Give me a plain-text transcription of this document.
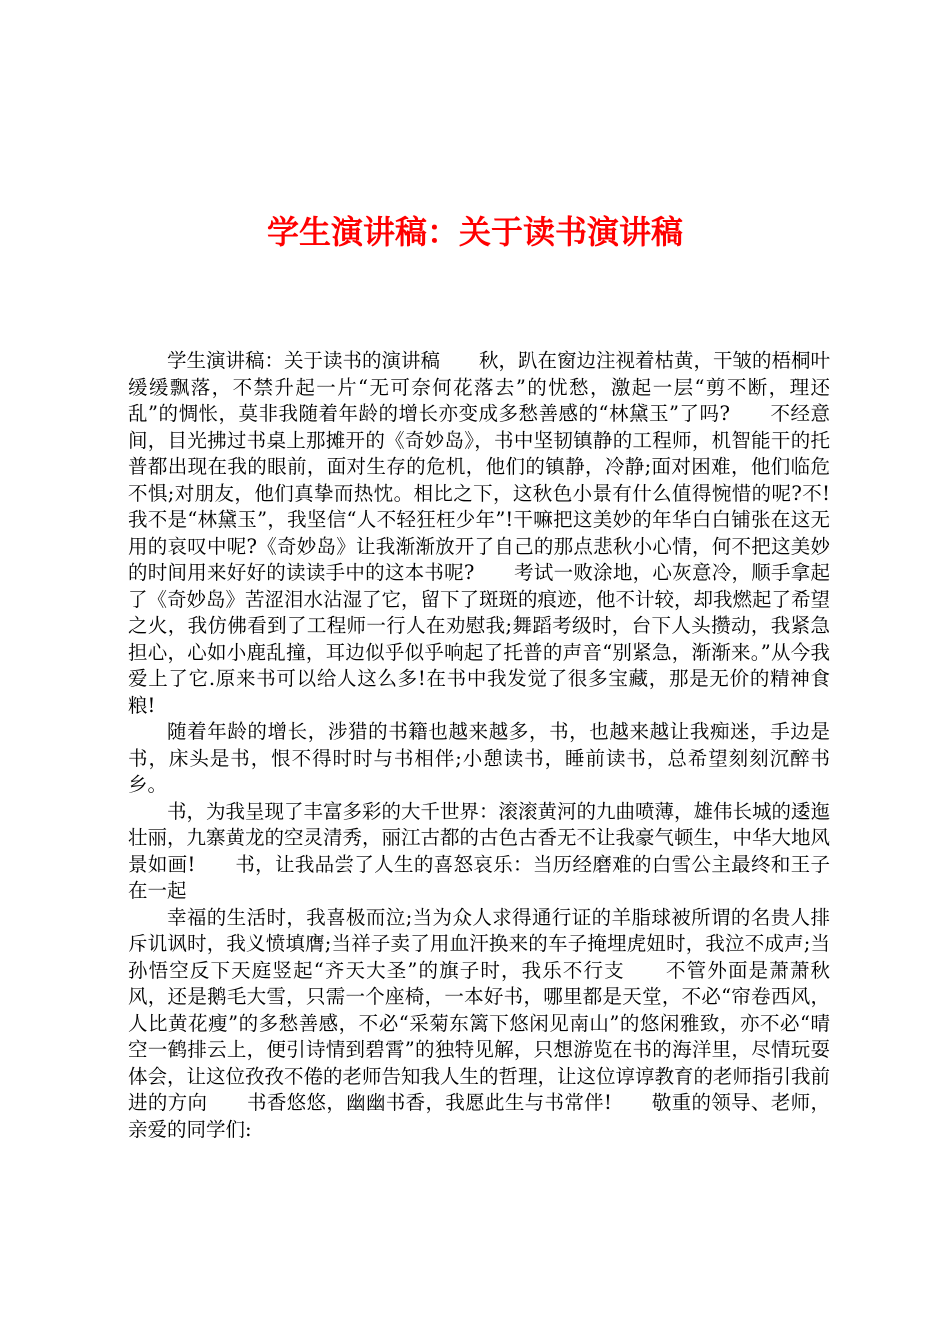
学生演讲稿：关于读书演讲稿

学生演讲稿：关于读书的演讲稿　　秋，趴在窗边注视着枯黄，干皱的梧桐叶缓缓飘落，不禁升起一片“无可奈何花落去”的忧愁，激起一层“剪不断，理还乱”的惆怅，莫非我随着年龄的增长亦变成多愁善感的“林黛玉”了吗?　　不经意间，目光拂过书桌上那摊开的《奇妙岛》，书中坚韧镇静的工程师，机智能干的托普都出现在我的眼前，面对生存的危机，他们的镇静，冷静;面对困难，他们临危不惧;对朋友，他们真挚而热忱。相比之下，这秋色小景有什么值得惋惜的呢?不!我不是“林黛玉”，我坚信“人不轻狂枉少年”!干嘛把这美妙的年华白白铺张在这无用的哀叹中呢?《奇妙岛》让我渐渐放开了自己的那点悲秋小心情，何不把这美妙的时间用来好好的读读手中的这本书呢?　　考试一败涂地，心灰意冷，顺手拿起了《奇妙岛》苦涩泪水沾湿了它，留下了斑斑的痕迹，他不计较，却我燃起了希望之火，我仿佛看到了工程师一行人在劝慰我;舞蹈考级时，台下人头攒动，我紧急担心，心如小鹿乱撞，耳边似乎似乎响起了托普的声音“别紧急，渐渐来。”从今我爱上了它.原来书可以给人这么多!在书中我发觉了很多宝藏，那是无价的精神食粮!

随着年龄的增长，涉猎的书籍也越来越多，书，也越来越让我痴迷，手边是书，床头是书，恨不得时时与书相伴;小憩读书，睡前读书，总希望刻刻沉醉书乡。

书，为我呈现了丰富多彩的大千世界：滚滚黄河的九曲喷薄，雄伟长城的逶迤壮丽，九寨黄龙的空灵清秀，丽江古都的古色古香无不让我豪气顿生，中华大地风景如画!　　书，让我品尝了人生的喜怒哀乐：当历经磨难的白雪公主最终和王子在一起

幸福的生活时，我喜极而泣;当为众人求得通行证的羊脂球被所谓的名贵人排斥讥讽时，我义愤填膺;当祥子卖了用血汗换来的车子掩埋虎妞时，我泣不成声;当孙悟空反下天庭竖起“齐天大圣”的旗子时，我乐不行支　　不管外面是萧萧秋风，还是鹅毛大雪，只需一个座椅，一本好书，哪里都是天堂，不必“帘卷西风，人比黄花瘦”的多愁善感，不必“采菊东篱下悠闲见南山”的悠闲雅致，亦不必“晴空一鹤排云上，便引诗情到碧霄”的独特见解，只想游览在书的海洋里，尽情玩耍体会，让这位孜孜不倦的老师告知我人生的哲理，让这位谆谆教育的老师指引我前进的方向　　书香悠悠，幽幽书香，我愿此生与书常伴!　　敬重的领导、老师，亲爱的同学们:
